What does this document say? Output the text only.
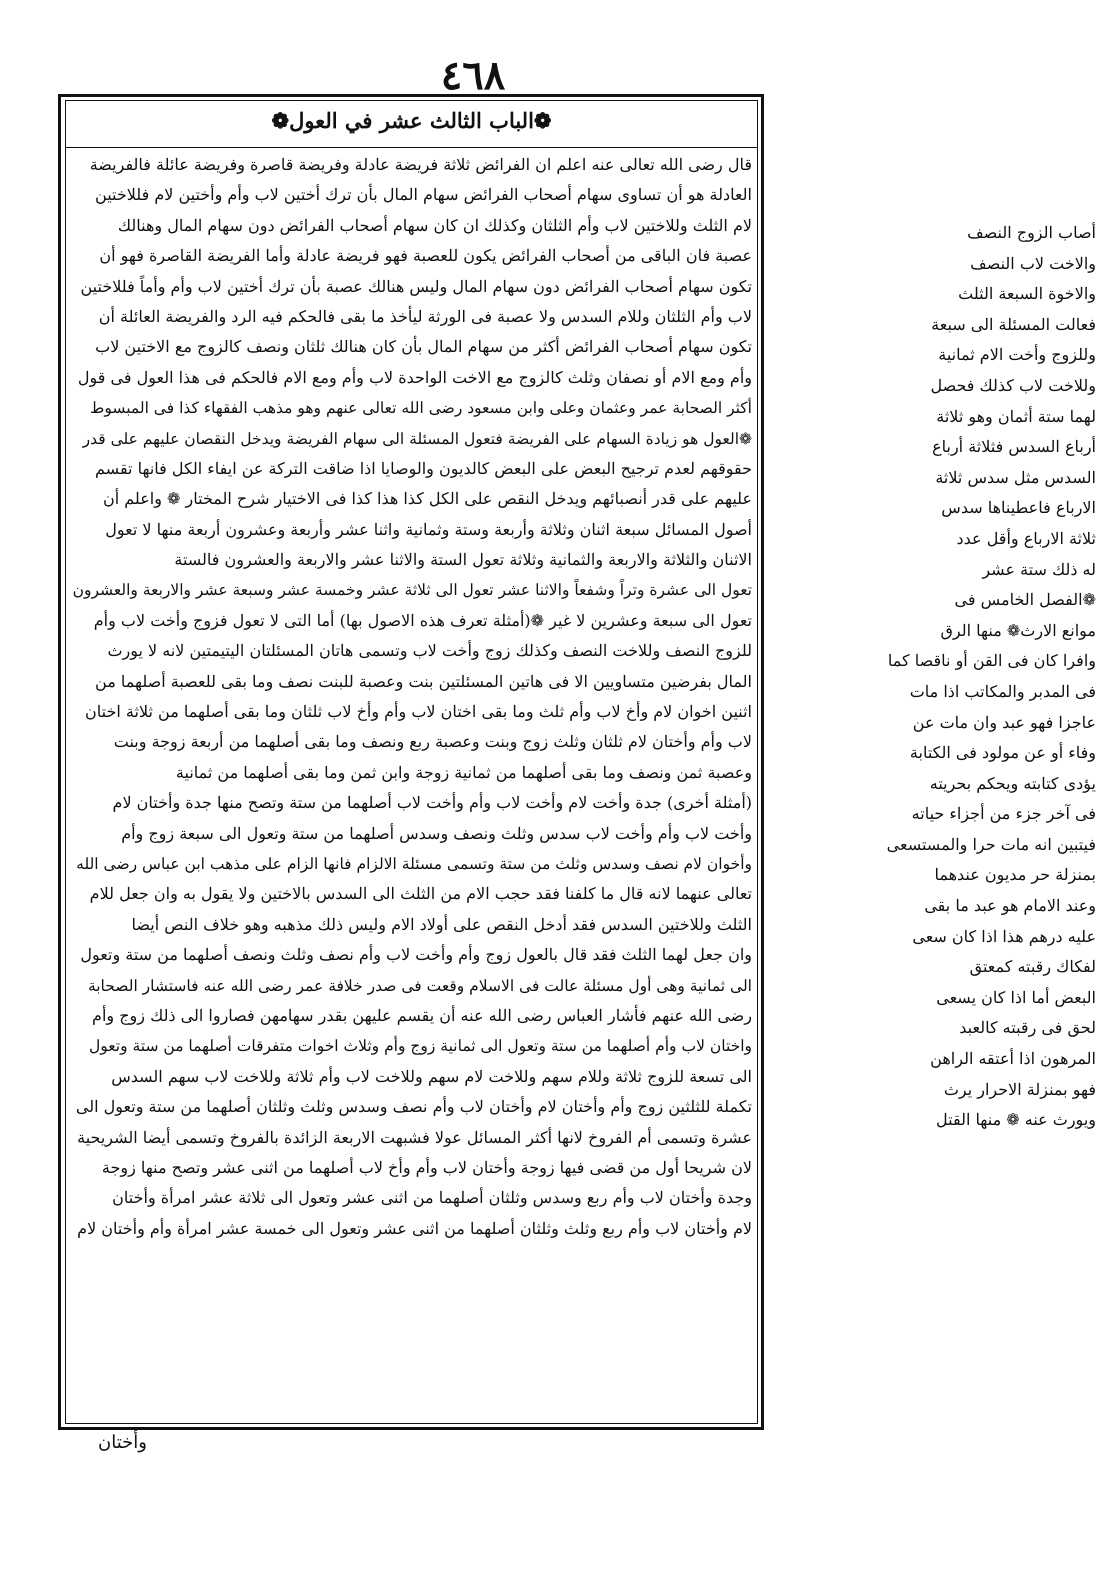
٤٦٨
❁الباب الثالث عشر في العول❁
قال رضى الله تعالى عنه اعلم ان الفرائض ثلاثة فريضة عادلة وفريضة قاصرة وفريضة عائلة فالفريضة
العادلة هو أن تساوى سهام أصحاب الفرائض سهام المال بأن ترك أختين لاب وأم وأختين لام فللاختين
لام الثلث وللاختين لاب وأم الثلثان وكذلك ان كان سهام أصحاب الفرائض دون سهام المال وهنالك
عصبة فان الباقى من أصحاب الفرائض يكون للعصبة فهو فريضة عادلة وأما الفريضة القاصرة فهو أن
تكون سهام أصحاب الفرائض دون سهام المال وليس هنالك عصبة بأن ترك أختين لاب وأم وأماً فللاختين
لاب وأم الثلثان وللام السدس ولا عصبة فى الورثة ليأخذ ما بقى فالحكم فيه الرد والفريضة العائلة أن
تكون سهام أصحاب الفرائض أكثر من سهام المال بأن كان هنالك ثلثان ونصف كالزوج مع الاختين لاب
وأم ومع الام أو نصفان وثلث كالزوج مع الاخت الواحدة لاب وأم ومع الام فالحكم فى هذا العول فى قول
أكثر الصحابة عمر وعثمان وعلى وابن مسعود رضى الله تعالى عنهم وهو مذهب الفقهاء كذا فى المبسوط
❁العول هو زيادة السهام على الفريضة فتعول المسئلة الى سهام الفريضة ويدخل النقصان عليهم على قدر
حقوقهم لعدم ترجيح البعض على البعض كالديون والوصايا اذا ضاقت التركة عن ايفاء الكل فانها تقسم
عليهم على قدر أنصبائهم ويدخل النقص على الكل كذا هذا كذا فى الاختيار شرح المختار ❁ واعلم أن
أصول المسائل سبعة اثنان وثلاثة وأربعة وستة وثمانية واثنا عشر وأربعة وعشرون أربعة منها لا تعول
الاثنان والثلاثة والاربعة والثمانية وثلاثة تعول الستة والاثنا عشر والاربعة والعشرون فالستة
تعول الى عشرة وتراً وشفعاً والاثنا عشر تعول الى ثلاثة عشر وخمسة عشر وسبعة عشر والاربعة والعشرون
تعول الى سبعة وعشرين لا غير ❁(أمثلة تعرف هذه الاصول بها) أما التى لا تعول فزوج وأخت لاب وأم
للزوج النصف وللاخت النصف وكذلك زوج وأخت لاب وتسمى هاتان المسئلتان اليتيمتين لانه لا يورث
المال بفرضين متساويين الا فى هاتين المسئلتين بنت وعصبة للبنت نصف وما بقى للعصبة أصلهما من
اثنين اخوان لام وأخ لاب وأم ثلث وما بقى اختان لاب وأم وأخ لاب ثلثان وما بقى أصلهما من ثلاثة اختان
لاب وأم وأختان لام ثلثان وثلث زوج وبنت وعصبة ربع ونصف وما بقى أصلهما من أربعة زوجة وبنت
وعصبة ثمن ونصف وما بقى أصلهما من ثمانية زوجة وابن ثمن وما بقى أصلهما من ثمانية
(أمثلة أخرى) جدة وأخت لام وأخت لاب وأم وأخت لاب أصلهما من ستة وتصح منها جدة وأختان لام
وأخت لاب وأم وأخت لاب سدس وثلث ونصف وسدس أصلهما من ستة وتعول الى سبعة زوج وأم
وأخوان لام نصف وسدس وثلث من ستة وتسمى مسئلة الالزام فانها الزام على مذهب ابن عباس رضى الله
تعالى عنهما لانه قال ما كلفنا فقد حجب الام من الثلث الى السدس بالاختين ولا يقول به وان جعل للام
الثلث وللاختين السدس فقد أدخل النقص على أولاد الام وليس ذلك مذهبه وهو خلاف النص أيضا
وان جعل لهما الثلث فقد قال بالعول زوج وأم وأخت لاب وأم نصف وثلث ونصف أصلهما من ستة وتعول
الى ثمانية وهى أول مسئلة عالت فى الاسلام وقعت فى صدر خلافة عمر رضى الله عنه فاستشار الصحابة
رضى الله عنهم فأشار العباس رضى الله عنه أن يقسم عليهن بقدر سهامهن فصاروا الى ذلك زوج وأم
واختان لاب وأم أصلهما من ستة وتعول الى ثمانية زوج وأم وثلاث اخوات متفرقات أصلهما من ستة وتعول
الى تسعة للزوج ثلاثة وللام سهم وللاخت لام سهم وللاخت لاب وأم ثلاثة وللاخت لاب سهم السدس
تكملة للثلثين زوج وأم وأختان لام وأختان لاب وأم نصف وسدس وثلث وثلثان أصلهما من ستة وتعول الى
عشرة وتسمى أم الفروخ لانها أكثر المسائل عولا فشبهت الاربعة الزائدة بالفروخ وتسمى أيضا الشريحية
لان شريحا أول من قضى فيها زوجة وأختان لاب وأم وأخ لاب أصلهما من اثنى عشر وتصح منها زوجة
وجدة وأختان لاب وأم ربع وسدس وثلثان أصلهما من اثنى عشر وتعول الى ثلاثة عشر امرأة وأختان
لام وأختان لاب وأم ربع وثلث وثلثان أصلهما من اثنى عشر وتعول الى خمسة عشر امرأة وأم وأختان لام
أصاب الزوج النصف
والاخت لاب النصف
والاخوة السبعة الثلث
فعالت المسئلة الى سبعة
وللزوج وأخت الام ثمانية
وللاخت لاب كذلك فحصل
لهما ستة أثمان وهو ثلاثة
أرباع السدس فثلاثة أرباع
السدس مثل سدس ثلاثة
الارباع فاعطيناها سدس
ثلاثة الارباع وأقل عدد
له ذلك ستة عشر
❁الفصل الخامس فى
موانع الارث❁ منها الرق
وافرا كان فى القن أو ناقصا كما
فى المدبر والمكاتب اذا مات
عاجزا فهو عبد وان مات عن
وفاء أو عن مولود فى الكتابة
يؤدى كتابته ويحكم بحريته
فى آخر جزء من أجزاء حياته
فيتبين انه مات حرا والمستسعى
بمنزلة حر مديون عندهما
وعند الامام هو عبد ما بقى
عليه درهم هذا اذا كان سعى
لفكاك رقبته كمعتق
البعض أما اذا كان يسعى
لحق فى رقبته كالعبد
المرهون اذا أعتقه الراهن
فهو بمنزلة الاحرار يرث
ويورث عنه ❁ منها القتل
وأختان
